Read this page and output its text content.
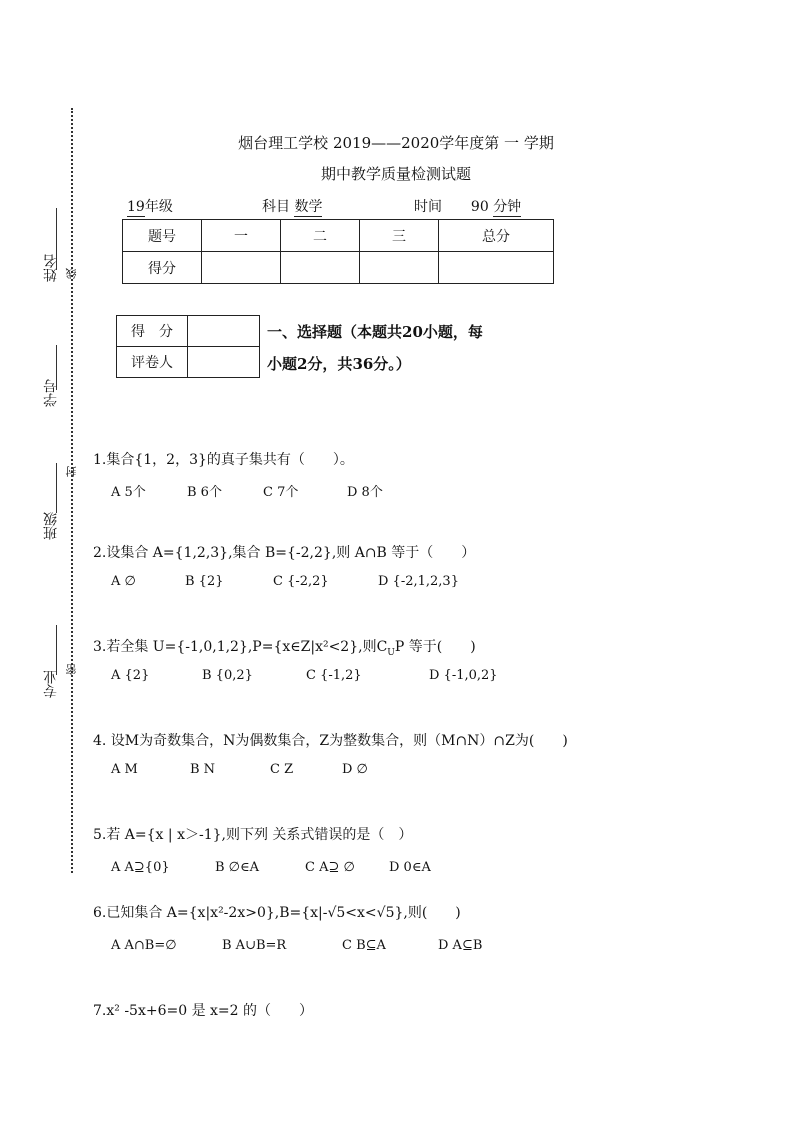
姓名 线
学号
班级
封
专业
密
烟台理工学校 2019——2020学年度第 一 学期
期中教学质量检测试题
19年级	科目 数学	时间 90 分钟
题号	一	二	三	总分
得分				
得　分	
评卷人	
一、选择题（本题共20小题，每
小题2分，共36分。）
1.集合{1，2，3}的真子集共有（　　）。
A 5个	B 6个	C 7个	D 8个
2.设集合 A={1,2,3},集合 B={-2,2},则 A∩B 等于（　　）
A ∅	B {2}	C {-2,2}	D {-2,1,2,3}
3.若全集 U={-1,0,1,2},P={x∈Z|x²<2},则$C_UP$ 等于(　　)
A {2}	B {0,2}	C {-1,2}	D {-1,0,2}
4. 设M为奇数集合，N为偶数集合，Z为整数集合，则（M∩N）∩Z为(　　)
A M	B N	C Z	D ∅
5.若 A={x | x＞-1},则下列 关系式错误的是（　）
A A⊇{0}	B ∅∈A	C A⊇ ∅	D 0∈A
6.已知集合 A={x|x²-2x>0},B={x|-√5<x<√5},则(　　)
A A∩B=∅	B A∪B=R	C B⊆A	D A⊆B
7.x² -5x+6=0 是 x=2 的（　　）
